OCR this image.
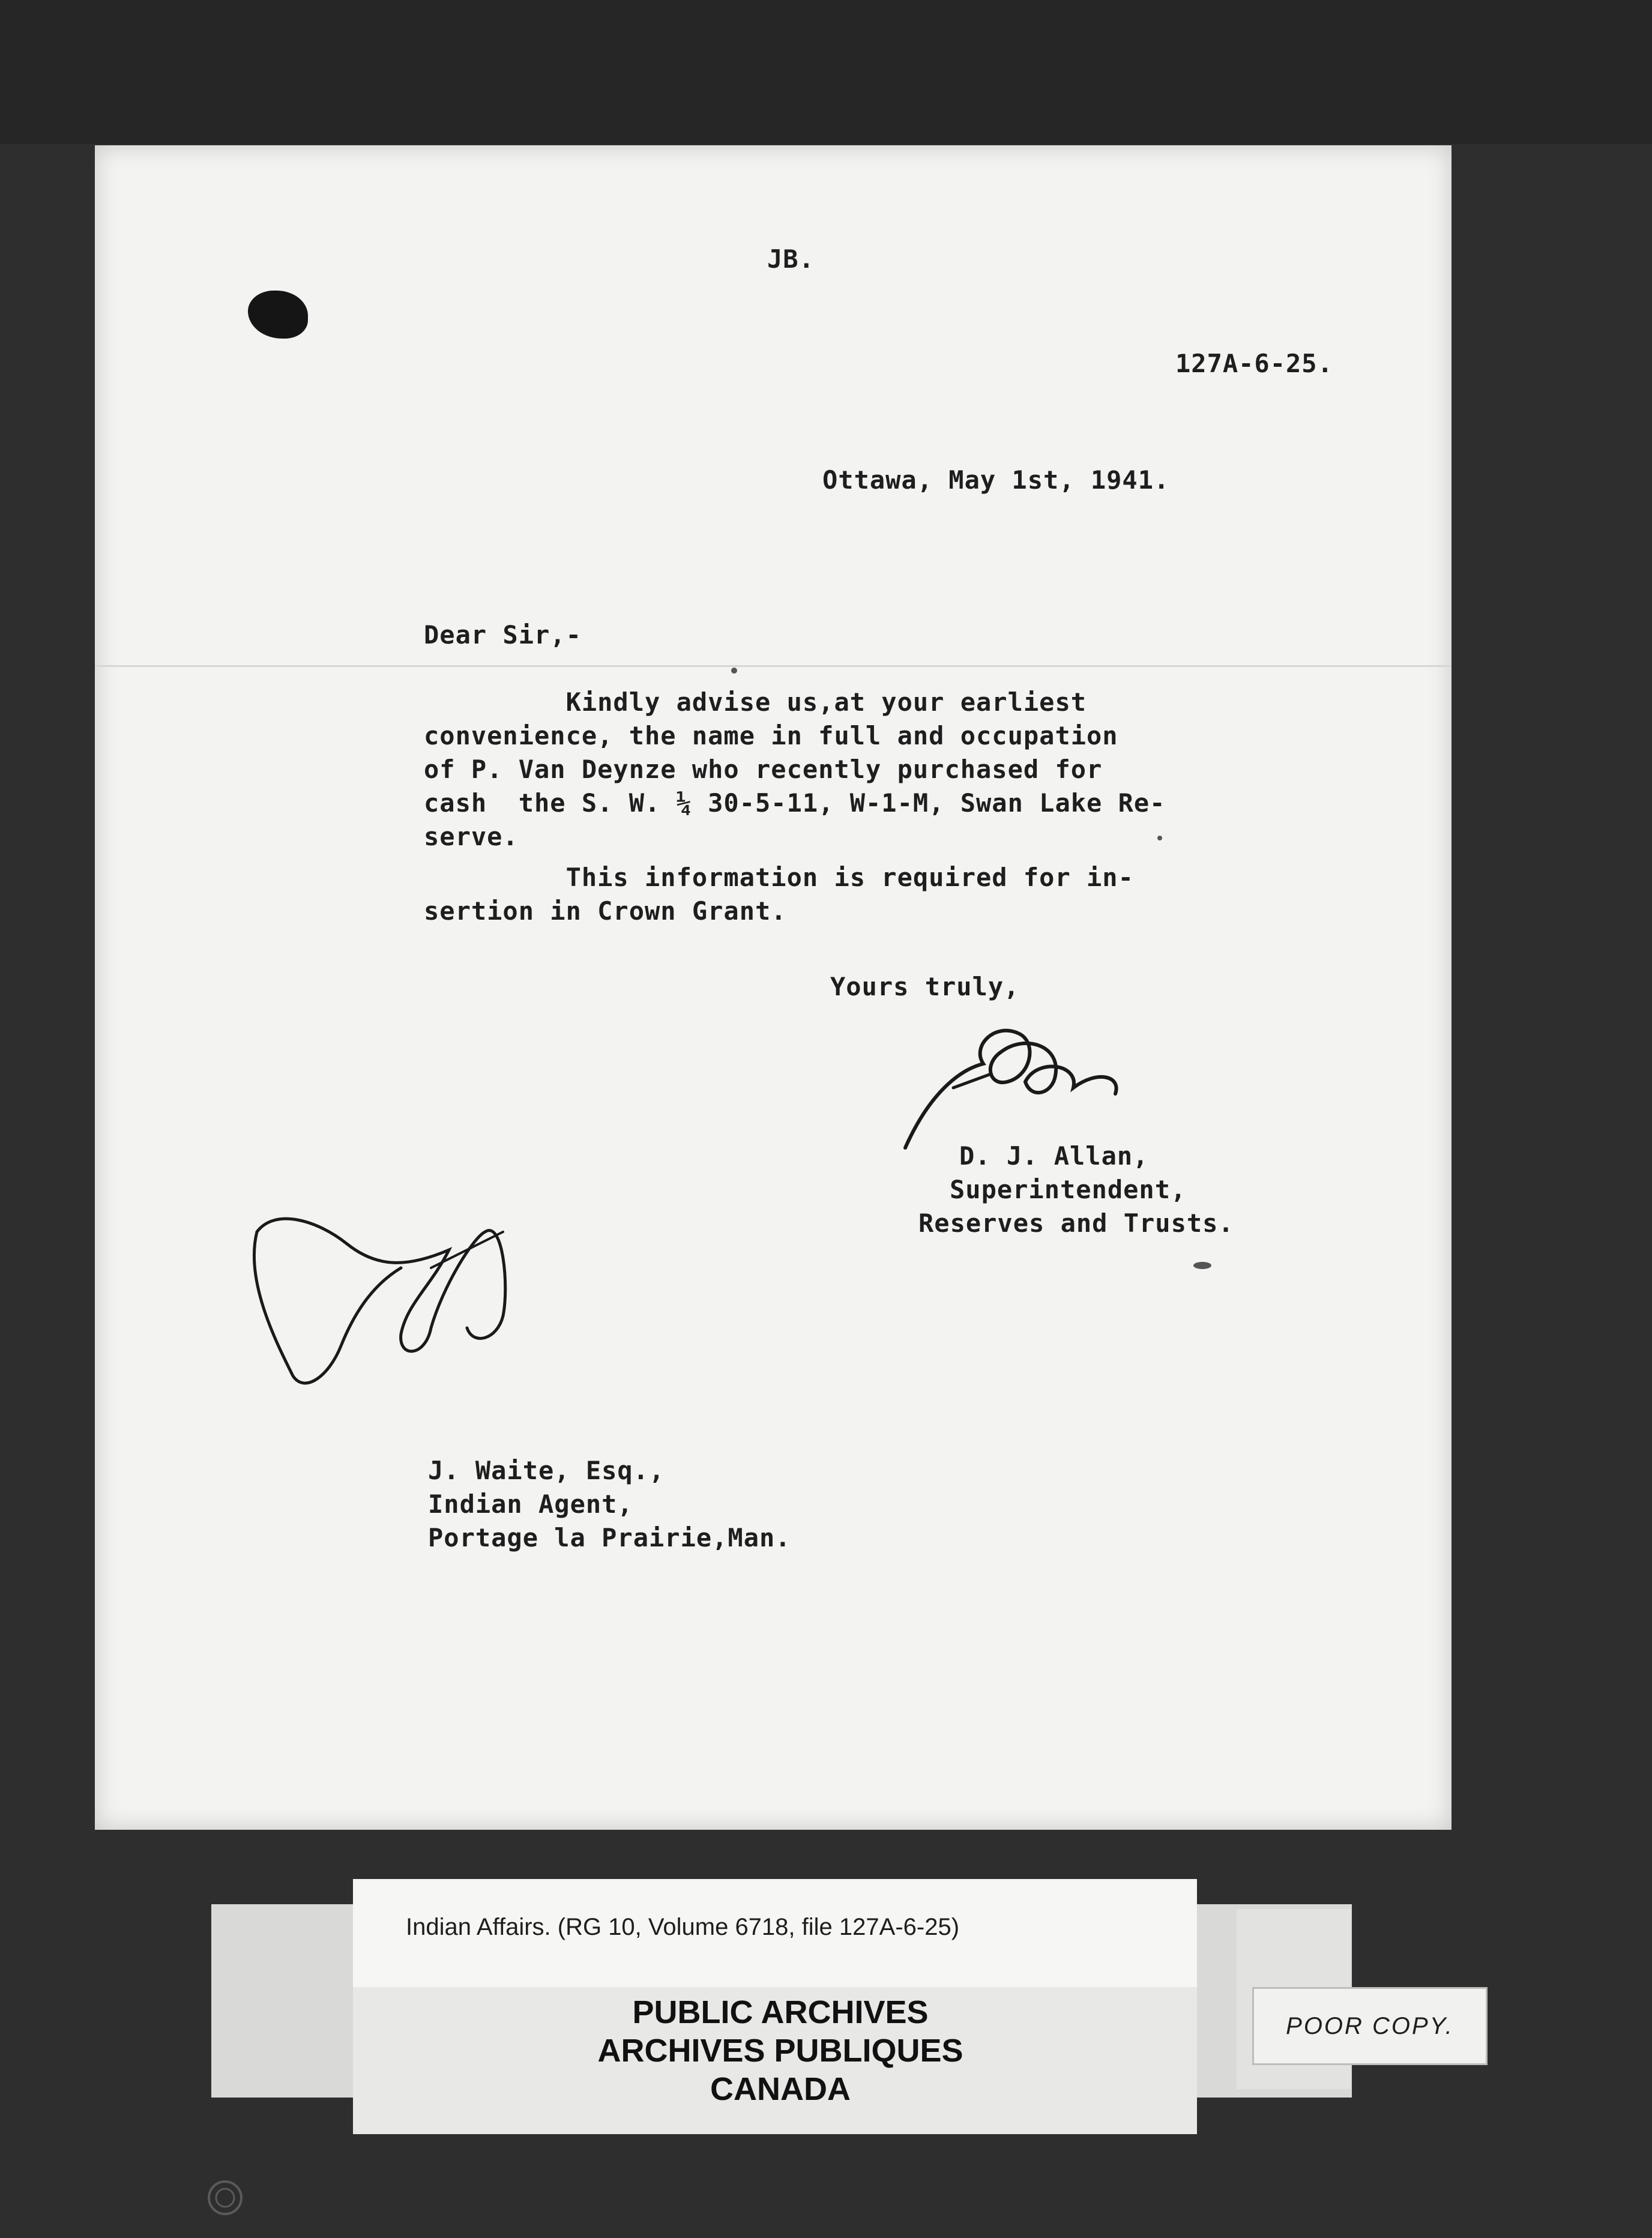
JB.
127A-6-25.
Ottawa, May 1st, 1941.
Dear Sir,-
Kindly advise us,at your earliest
convenience, the name in full and occupation
of P. Van Deynze who recently purchased for
cash  the S. W. ¼ 30-5-11, W-1-M, Swan Lake Re-
serve.
This information is required for in-
sertion in Crown Grant.
Yours truly,
D. J. Allan,
Superintendent,
Reserves and Trusts.
J. Waite, Esq.,
Indian Agent,
Portage la Prairie,Man.
Indian Affairs. (RG 10, Volume 6718, file 127A-6-25)
PUBLIC ARCHIVES
ARCHIVES PUBLIQUES
CANADA
POOR COPY.
